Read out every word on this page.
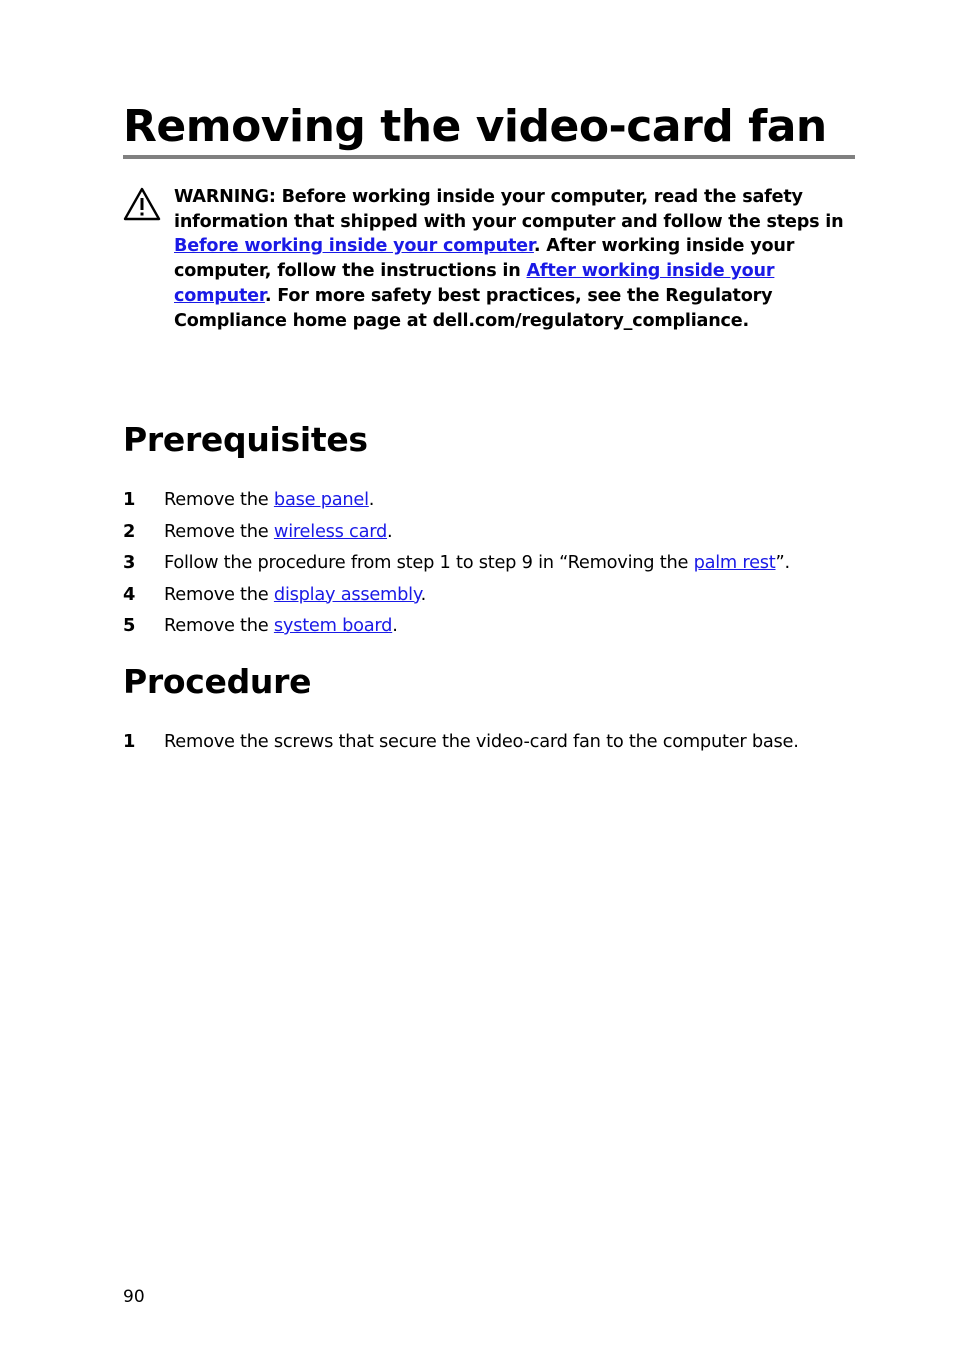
Removing the video-card fan

WARNING: Before working inside your computer, read the safety information that shipped with your computer and follow the steps in Before working inside your computer. After working inside your computer, follow the instructions in After working inside your computer. For more safety best practices, see the Regulatory Compliance home page at dell.com/regulatory_compliance.

Prerequisites
1 Remove the base panel.
2 Remove the wireless card.
3 Follow the procedure from step 1 to step 9 in “Removing the palm rest”.
4 Remove the display assembly.
5 Remove the system board.
Procedure
1 Remove the screws that secure the video-card fan to the computer base.
90
